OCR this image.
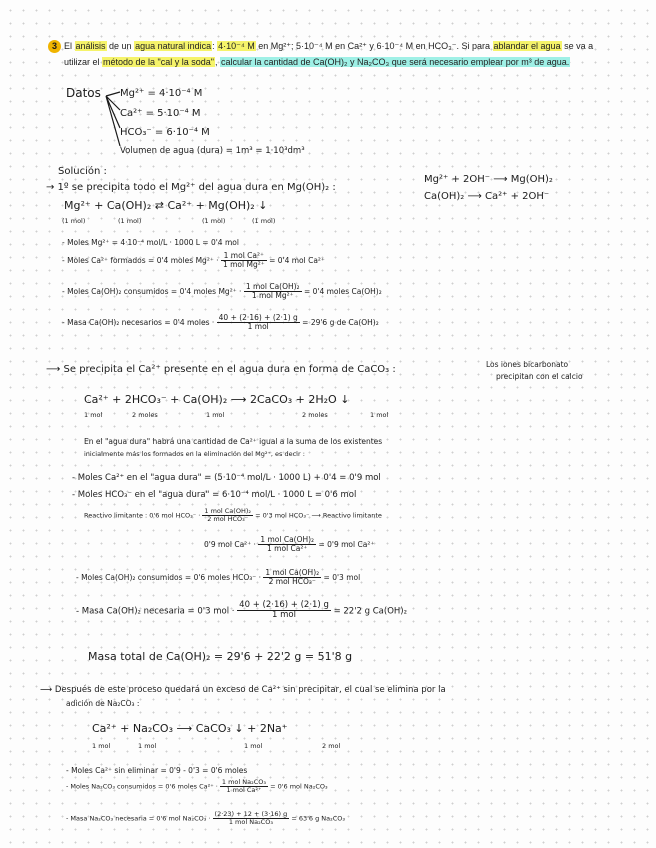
3 El análisis de un agua natural indica: 4·10⁻⁴ M en Mg²⁺; 5·10⁻⁴ M en Ca²⁺ y 6·10⁻⁴ M en HCO₃⁻. Si para ablandar el agua se va a
utilizar el método de la "cal y la soda", calcular la cantidad de Ca(OH)₂ y Na₂CO₃ que será necesario emplear por m³ de agua.
Datos Mg²⁺ = 4·10⁻⁴ M
Ca²⁺ = 5·10⁻⁴ M
HCO₃⁻ = 6·10⁻⁴ M
Volumen de agua (dura) = 1m³ = 1·10³dm³
Solución :
→ 1º se precipita todo el Mg²⁺ del agua dura en Mg(OH)₂ :
Mg²⁺ + 2OH⁻ ⟶ Mg(OH)₂
Ca(OH)₂ ⟶ Ca²⁺ + 2OH⁻
Mg²⁺ + Ca(OH)₂ ⇄ Ca²⁺ + Mg(OH)₂ ↓
(1 mol)	(1 mol)	(1 mol)	(1 mol)
- Moles Mg²⁺ = 4·10⁻⁴ mol/L · 1000 L = 0'4 mol
- Moles Ca²⁺ formados = 0'4 moles $Mg^{2+} \cdot \frac{\text{1 mol Ca²⁺}}{\text{1 mol Mg²⁺}} = 0'4$ mol Ca²⁺
- Moles Ca(OH)₂ consumidos = 0'4 moles $Mg^{2+} \cdot \frac{\text{1 mol Ca(OH)₂}}{\text{1 mol Mg²⁺}} = 0'4$ moles Ca(OH)₂
- Masa Ca(OH)₂ necesarios = 0'4 moles · $\frac{40 + (2\cdot 16) + (2\cdot 1) g}{\text{1 mol}} = 29'6$ g de Ca(OH)₂
⟶ Se precipita el Ca²⁺ presente en el agua dura en forma de CaCO₃ :	Los iones bicarbonato
precipitan con el calcio
Ca²⁺ + 2HCO₃⁻ + Ca(OH)₂ ⟶ 2CaCO₃ + 2H₂O ↓
1 mol	2 moles	1 mol	2 moles	1 mol
En el "agua dura" habrá una cantidad de Ca²⁺ igual a la suma de los existentes
inicialmente más los formados en la eliminación del Mg²⁺, es decir :
- Moles Ca²⁺ en el "agua dura" = (5·10⁻⁴ mol/L · 1000 L) + 0'4 = 0'9 mol
- Moles HCO₃⁻ en el "agua dura" = 6·10⁻⁴ mol/L · 1000 L = 0'6 mol
Reactivo limitante : 0'6 mol $HCO_3^- \cdot \frac{\text{1 mol Ca(OH)₂}}{\text{2 mol HCO₃⁻}} = 0'3$ mol HCO₃⁻ ⟶ Reactivo limitante
0'9 mol $Ca^{2+} \cdot \frac{\text{1 mol Ca(OH)₂}}{\text{1 mol Ca²⁺}} = 0'9$ mol Ca²⁺
- Moles Ca(OH)₂ consumidos = 0'6 moles $HCO_3^- \cdot \frac{\text{1 mol Ca(OH)₂}}{\text{2 mol HCO₃⁻}} = 0'3$ mol
- Masa Ca(OH)₂ necesaria = 0'3 mol · $\frac{40 + (2\cdot 16) + (2\cdot 1) g}{\text{1 mol}} = 22'2$ g Ca(OH)₂
Masa total de Ca(OH)₂ = 29'6 + 22'2 g = 51'8 g
⟶ Después de este proceso quedará un exceso de Ca²⁺ sin precipitar, el cual se elimina por la
adición de Na₂CO₃ :
Ca²⁺ + Na₂CO₃ ⟶ CaCO₃ ↓ + 2Na⁺
1 mol	1 mol	1 mol	2 mol
- Moles Ca²⁺ sin eliminar = 0'9 - 0'3 = 0'6 moles
- Moles Na₂CO₃ consumidos = 0'6 moles $Ca^{2+} \cdot \frac{\text{1 mol Na₂CO₃}}{\text{1 mol Ca²⁺}} = 0'6$ mol Na₂CO₃
- Masa Na₂CO₃ necesaria = 0'6 mol $Na_2CO_3 \cdot \frac{(2\cdot 23) + 12 + (3\cdot 16) g}{\text{1 mol Na₂CO₃}} = 63'6$ g Na₂CO₃
